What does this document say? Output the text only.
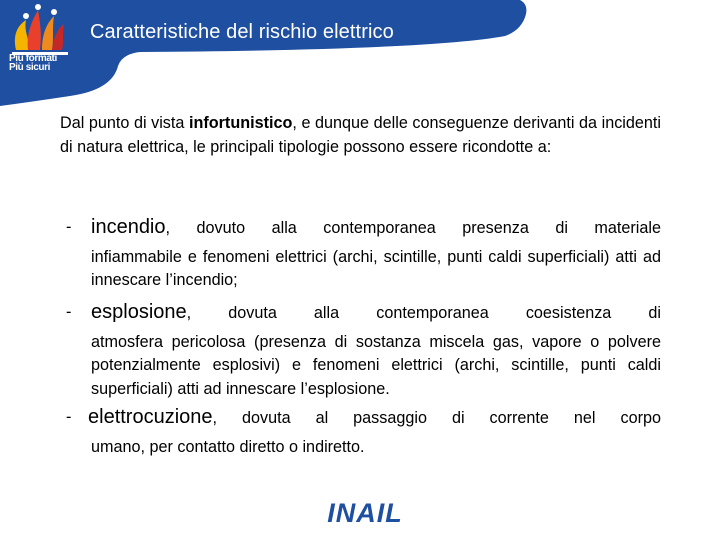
Più formati
Più sicuri
Caratteristiche del rischio elettrico
Dal punto di vista infortunistico, e dunque delle conseguenze derivanti da incidenti di natura elettrica, le principali tipologie possono essere ricondotte a:
- incendio, dovuto alla contemporanea presenza di materiale
infiammabile e fenomeni elettrici (archi, scintille, punti caldi superficiali) atti ad innescare l’incendio;
- esplosione, dovuta alla contemporanea coesistenza di
atmosfera pericolosa (presenza di sostanza miscela gas, vapore o polvere potenzialmente esplosivi) e fenomeni elettrici (archi, scintille, punti caldi superficiali) atti ad innescare l’esplosione.
- elettrocuzione, dovuta al passaggio di corrente nel corpo
umano, per contatto diretto o indiretto.
INAIL
